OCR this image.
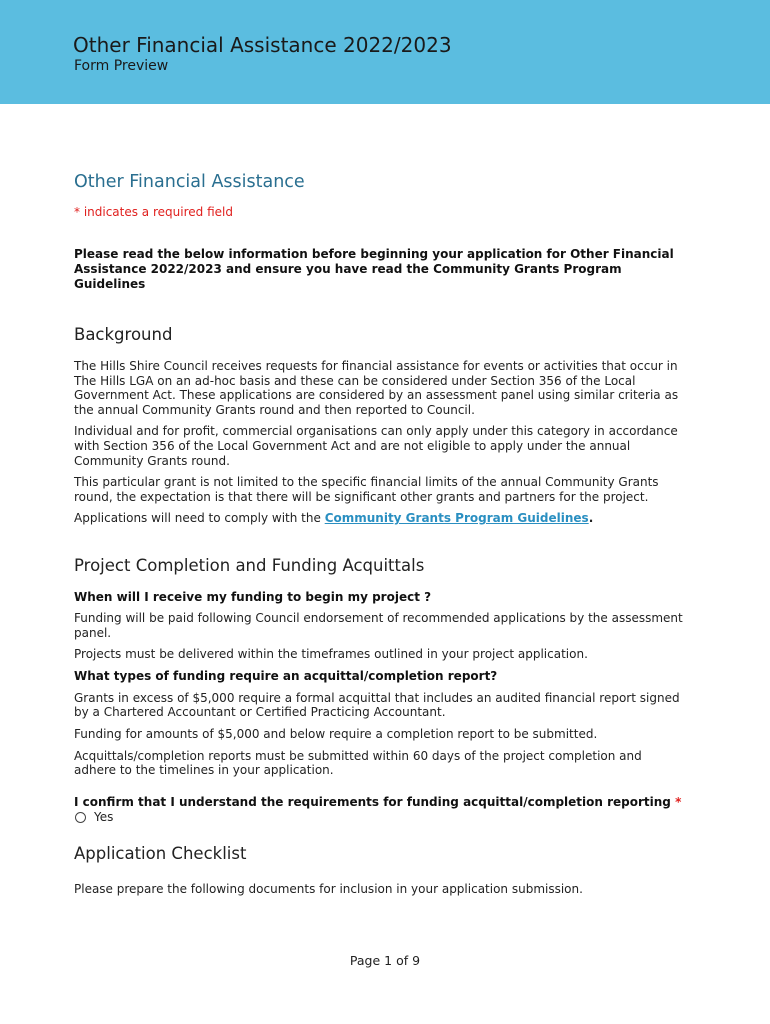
Other Financial Assistance 2022/2023
Form Preview
Other Financial Assistance

* indicates a required field

Please read the below information before beginning your application for Other Financial Assistance 2022/2023 and ensure you have read the Community Grants Program Guidelines

Background

The Hills Shire Council receives requests for financial assistance for events or activities that occur in The Hills LGA on an ad-hoc basis and these can be considered under Section 356 of the Local Government Act. These applications are considered by an assessment panel using similar criteria as the annual Community Grants round and then reported to Council.

Individual and for profit, commercial organisations can only apply under this category in accordance with Section 356 of the Local Government Act and are not eligible to apply under the annual Community Grants round.

This particular grant is not limited to the specific financial limits of the annual Community Grants round, the expectation is that there will be significant other grants and partners for the project.

Applications will need to comply with the Community Grants Program Guidelines.

Project Completion and Funding Acquittals

When will I receive my funding to begin my project ?

Funding will be paid following Council endorsement of recommended applications by the assessment panel.

Projects must be delivered within the timeframes outlined in your project application.

What types of funding require an acquittal/completion report?

Grants in excess of $5,000 require a formal acquittal that includes an audited financial report signed by a Chartered Accountant or Certified Practicing Accountant.

Funding for amounts of $5,000 and below require a completion report to be submitted.

Acquittals/completion reports must be submitted within 60 days of the project completion and adhere to the timelines in your application.

I confirm that I understand the requirements for funding acquittal/completion reporting *

Yes
Application Checklist

Please prepare the following documents for inclusion in your application submission.

Page 1 of 9
